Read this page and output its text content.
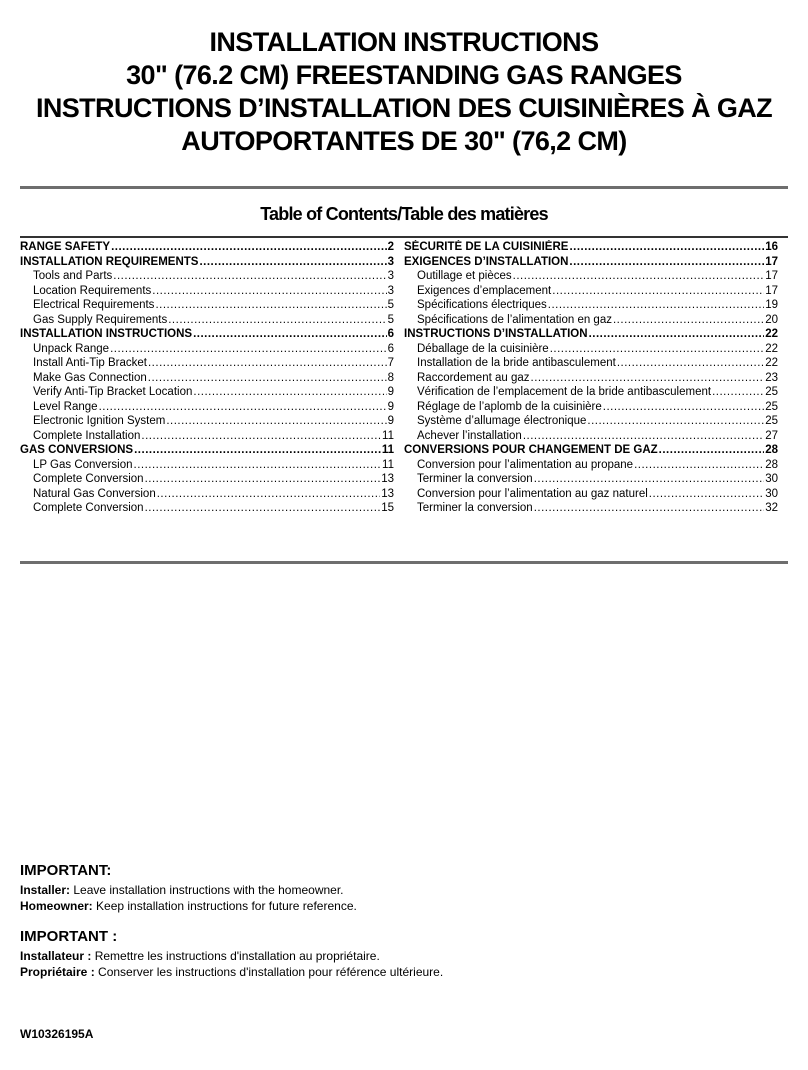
INSTALLATION INSTRUCTIONS
30" (76.2 CM) FREESTANDING GAS RANGES
INSTRUCTIONS D’INSTALLATION DES CUISINIÈRES À GAZ
AUTOPORTANTES DE 30" (76,2 CM)
Table of Contents/Table des matières
RANGE SAFETY .....	2
INSTALLATION REQUIREMENTS .....	3
Tools and Parts .....	3
Location Requirements .....	3
Electrical Requirements .....	5
Gas Supply Requirements .....	5
INSTALLATION INSTRUCTIONS .....	6
Unpack Range .....	6
Install Anti-Tip Bracket .....	7
Make Gas Connection .....	8
Verify Anti-Tip Bracket Location .....	9
Level Range .....	9
Electronic Ignition System .....	9
Complete Installation .....	11
GAS CONVERSIONS .....	11
LP Gas Conversion .....	11
Complete Conversion .....	13
Natural Gas Conversion .....	13
Complete Conversion .....	15
SÉCURITÉ DE LA CUISINIÈRE .....	16
EXIGENCES D’INSTALLATION .....	17
Outillage et pièces .....	17
Exigences d’emplacement .....	17
Spécifications électriques .....	19
Spécifications de l’alimentation en gaz .....	20
INSTRUCTIONS D’INSTALLATION .....	22
Déballage de la cuisinière .....	22
Installation de la bride antibasculement .....	22
Raccordement au gaz .....	23
Vérification de l’emplacement de la bride antibasculement .....	25
Réglage de l’aplomb de la cuisinière .....	25
Système d’allumage électronique .....	25
Achever l’installation .....	27
CONVERSIONS POUR CHANGEMENT DE GAZ .....	28
Conversion pour l’alimentation au propane .....	28
Terminer la conversion .....	30
Conversion pour l’alimentation au gaz naturel .....	30
Terminer la conversion .....	32
IMPORTANT:
Installer: Leave installation instructions with the homeowner.
Homeowner: Keep installation instructions for future reference.
IMPORTANT :
Installateur : Remettre les instructions d'installation au propriétaire.
Propriétaire : Conserver les instructions d'installation pour référence ultérieure.
W10326195A
